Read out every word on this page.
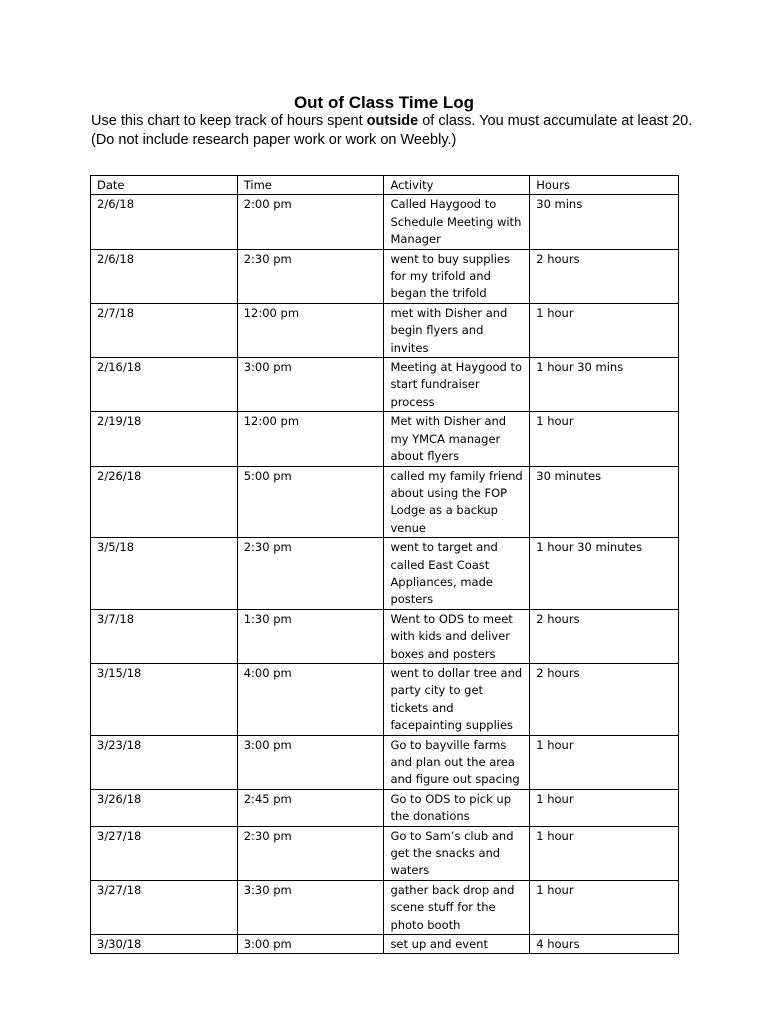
Out of Class Time Log
Use this chart to keep track of hours spent outside of class. You must accumulate at least 20.
(Do not include research paper work or work on Weebly.)
Date	Time	Activity	Hours
2/6/18	2:00 pm	Called Haygood to Schedule Meeting with Manager	30 mins
2/6/18	2:30 pm	went to buy supplies for my trifold and began the trifold	2 hours
2/7/18	12:00 pm	met with Disher and begin flyers and invites	1 hour
2/16/18	3:00 pm	Meeting at Haygood to start fundraiser process	1 hour 30 mins
2/19/18	12:00 pm	Met with Disher and my YMCA manager about flyers	1 hour
2/26/18	5:00 pm	called my family friend about using the FOP Lodge as a backup venue	30 minutes
3/5/18	2:30 pm	went to target and called East Coast Appliances, made posters	1 hour 30 minutes
3/7/18	1:30 pm	Went to ODS to meet with kids and deliver boxes and posters	2 hours
3/15/18	4:00 pm	went to dollar tree and party city to get tickets and facepainting supplies	2 hours
3/23/18	3:00 pm	Go to bayville farms and plan out the area and figure out spacing	1 hour
3/26/18	2:45 pm	Go to ODS to pick up the donations	1 hour
3/27/18	2:30 pm	Go to Sam’s club and get the snacks and waters	1 hour
3/27/18	3:30 pm	gather back drop and scene stuff for the photo booth	1 hour
3/30/18	3:00 pm	set up and event	4 hours
